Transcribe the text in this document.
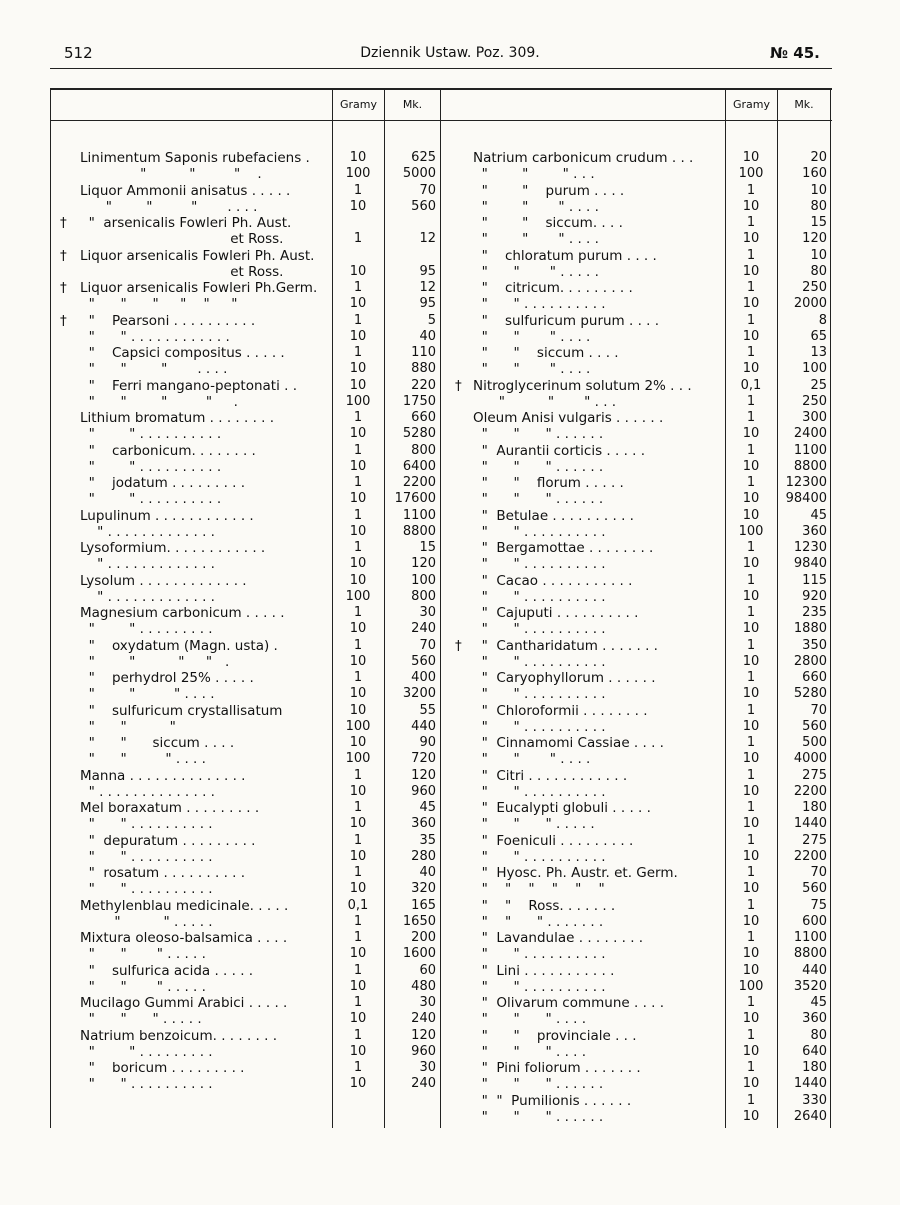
512	Dziennik Ustaw. Poz. 309.	№ 45.
Gramy	Mk.	Gramy	Mk.
Linimentum Saponis rubefaciens .	10	625
"          "         "    .	100	5000
Liquor Ammonii anisatus . . . . .	1	70
"        "         "       . . . .	10	560
† "  arsenicalis Fowleri Ph. Aust.
et Ross.	1	12
† Liquor arsenicalis Fowleri Ph. Aust.
et Ross.	10	95
† Liquor arsenicalis Fowleri Ph.Germ.	1	12
"      "      "     "    "     "	10	95
† "    Pearsoni . . . . . . . . . .	1	5
"      " . . . . . . . . . . . .	10	40
"    Capsici compositus . . . . .	1	110
"      "        "       . . . .	10	880
"    Ferri mangano-peptonati . .	10	220
"      "        "         "     .	100	1750
Lithium bromatum . . . . . . . .	1	660
"        " . . . . . . . . . .	10	5280
"    carbonicum. . . . . . . .	1	800
"        " . . . . . . . . . .	10	6400
"    jodatum . . . . . . . . .	1	2200
"        " . . . . . . . . . .	10	17600
Lupulinum . . . . . . . . . . . .	1	1100
" . . . . . . . . . . . . .	10	8800
Lysoformium. . . . . . . . . . . .	1	15
" . . . . . . . . . . . . .	10	120
Lysolum . . . . . . . . . . . . .	10	100
" . . . . . . . . . . . . .	100	800
Magnesium carbonicum . . . . .	1	30
"        " . . . . . . . . .	10	240
"    oxydatum (Magn. usta) .	1	70
"        "          "     "   .	10	560
"    perhydrol 25% . . . . .	1	400
"        "         " . . . .	10	3200
"    sulfuricum crystallisatum	10	55
"      "          "	100	440
"      "      siccum . . . .	10	90
"      "         " . . . .	100	720
Manna . . . . . . . . . . . . . .	1	120
" . . . . . . . . . . . . . .	10	960
Mel boraxatum . . . . . . . . .	1	45
"      " . . . . . . . . . .	10	360
"  depuratum . . . . . . . . .	1	35
"      " . . . . . . . . . .	10	280
"  rosatum . . . . . . . . . .	1	40
"      " . . . . . . . . . .	10	320
Methylenblau medicinale. . . . .	0,1	165
"          " . . . . .	1	1650
Mixtura oleoso-balsamica . . . .	1	200
"      "       " . . . . .	10	1600
"    sulfurica acida . . . . .	1	60
"      "       " . . . . .	10	480
Mucilago Gummi Arabici . . . . .	1	30
"      "      " . . . . .	10	240
Natrium benzoicum. . . . . . . .	1	120
"        " . . . . . . . . .	10	960
"    boricum . . . . . . . . .	1	30
"      " . . . . . . . . . .	10	240
Natrium carbonicum crudum . . .	10	20
"        "        " . . .	100	160
"        "    purum . . . .	1	10
"        "       " . . . .	10	80
"        "    siccum. . . .	1	15
"        "       " . . . .	10	120
"    chloratum purum . . . .	1	10
"      "       " . . . . .	10	80
"    citricum. . . . . . . . .	1	250
"      " . . . . . . . . . .	10	2000
"    sulfuricum purum . . . .	1	8
"      "       " . . . .	10	65
"      "    siccum . . . .	1	13
"      "       " . . . .	10	100
† Nitroglycerinum solutum 2% . . .	0,1	25
"          "       " . . .	1	250
Oleum Anisi vulgaris . . . . . .	1	300
"      "      " . . . . . .	10	2400
"  Aurantii corticis . . . . .	1	1100
"      "      " . . . . . .	10	8800
"      "    florum . . . . .	1	12300
"      "      " . . . . . .	10	98400
"  Betulae . . . . . . . . . .	10	45
"      " . . . . . . . . . .	100	360
"  Bergamottae . . . . . . . .	1	1230
"      " . . . . . . . . . .	10	9840
"  Cacao . . . . . . . . . . .	1	115
"      " . . . . . . . . . .	10	920
"  Cajuputi . . . . . . . . . .	1	235
"      " . . . . . . . . . .	10	1880
† "  Cantharidatum . . . . . . .	1	350
"      " . . . . . . . . . .	10	2800
"  Caryophyllorum . . . . . .	1	660
"      " . . . . . . . . . .	10	5280
"  Chloroformii . . . . . . . .	1	70
"      " . . . . . . . . . .	10	560
"  Cinnamomi Cassiae . . . .	1	500
"      "       " . . . .	10	4000
"  Citri . . . . . . . . . . . .	1	275
"      " . . . . . . . . . .	10	2200
"  Eucalypti globuli . . . . .	1	180
"      "      " . . . . .	10	1440
"  Foeniculi . . . . . . . . .	1	275
"      " . . . . . . . . . .	10	2200
"  Hyosc. Ph. Austr. et. Germ.	1	70
"    "    "    "    "    "	10	560
"    "    Ross. . . . . . .	1	75
"    "      " . . . . . . .	10	600
"  Lavandulae . . . . . . . .	1	1100
"      " . . . . . . . . . .	10	8800
"  Lini . . . . . . . . . . .	10	440
"      " . . . . . . . . . .	100	3520
"  Olivarum commune . . . .	1	45
"      "      " . . . .	10	360
"      "    provinciale . . .	1	80
"      "      " . . . .	10	640
"  Pini foliorum . . . . . . .	1	180
"      "      " . . . . . .	10	1440
"  "  Pumilionis . . . . . .	1	330
"      "      " . . . . . .	10	2640
